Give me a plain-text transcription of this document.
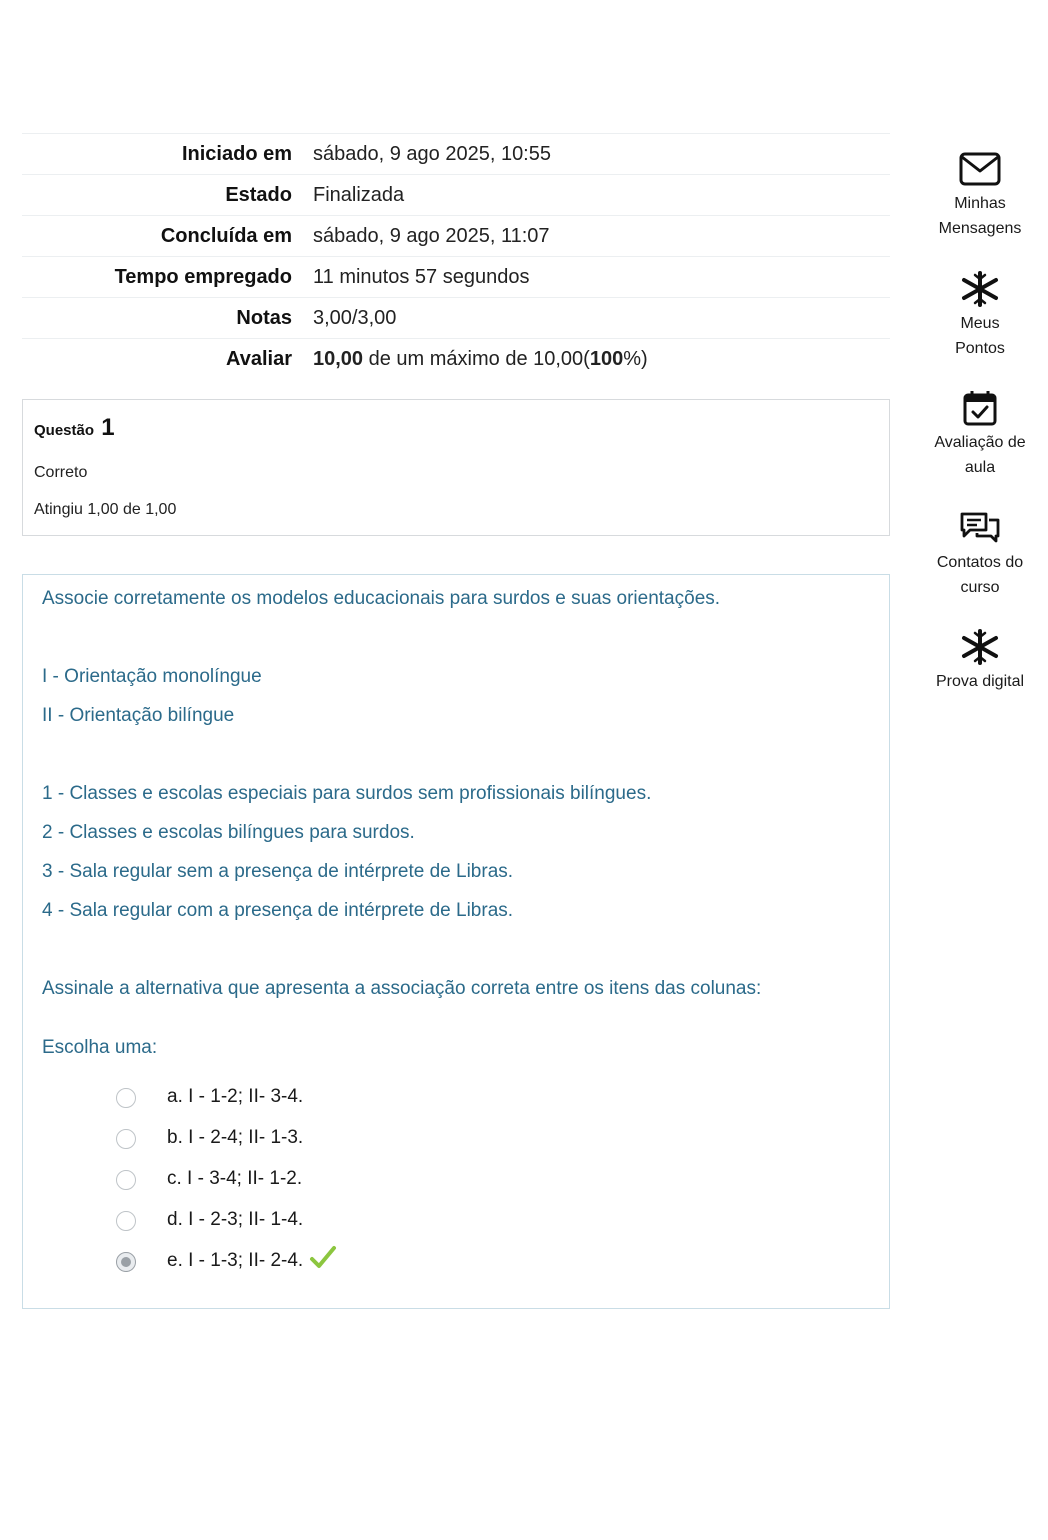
Iniciado em	sábado, 9 ago 2025, 10:55
Estado	Finalizada
Concluída em	sábado, 9 ago 2025, 11:07
Tempo empregado	11 minutos 57 segundos
Notas	3,00/3,00
Avaliar	10,00 de um máximo de 10,00(100%)
Questão 1
Correto
Atingiu 1,00 de 1,00

Associe corretamente os modelos educacionais para surdos e suas orientações.

I - Orientação monolíngue

II - Orientação bilíngue

1 - Classes e escolas especiais para surdos sem profissionais bilíngues.

2 - Classes e escolas bilíngues para surdos.

3 - Sala regular sem a presença de intérprete de Libras.

4 - Sala regular com a presença de intérprete de Libras.

Assinale a alternativa que apresenta a associação correta entre os itens das colunas:

Escolha uma:

a. I - 1-2; II- 3-4.
b. I - 2-4; II- 1-3.
c. I - 3-4; II- 1-2.
d. I - 2-3; II- 1-4.
e. I - 1-3; II- 2-4.
Minhas
Mensagens
Meus
Pontos
Avaliação de
aula
Contatos do
curso
Prova digital
